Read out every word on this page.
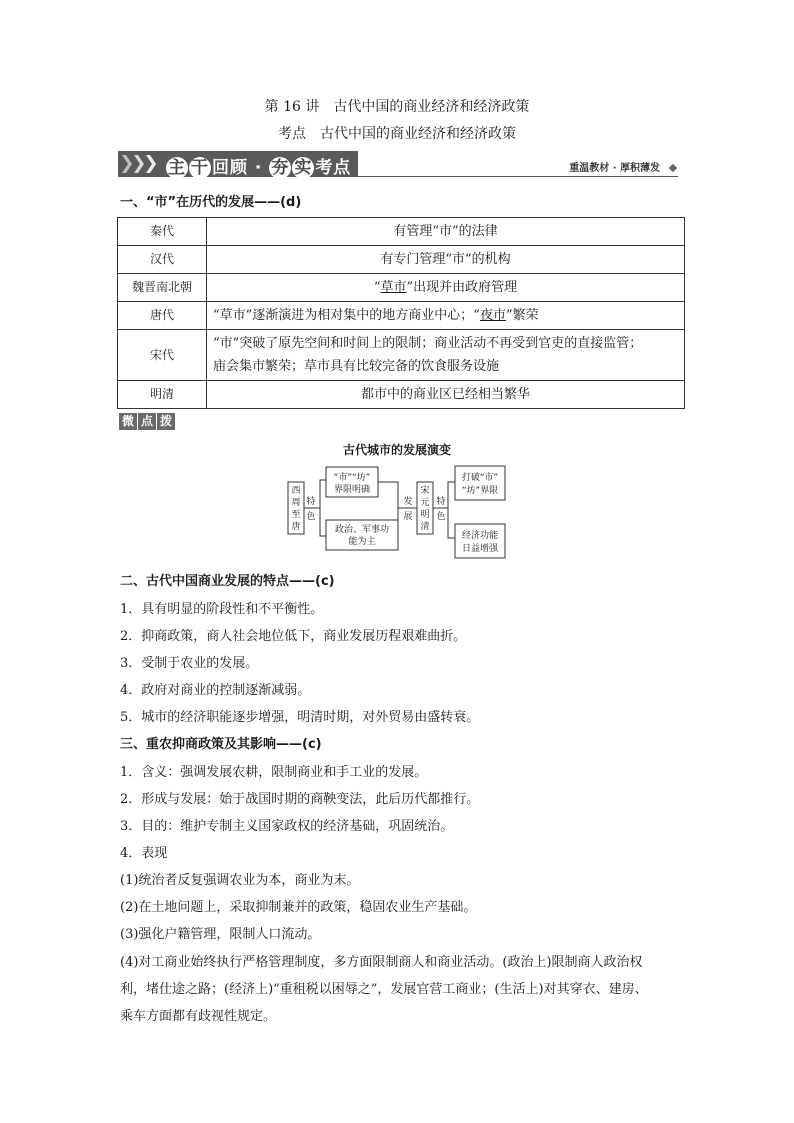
第 16 讲　古代中国的商业经济和经济政策
考点　古代中国的商业经济和经济政策
主 干 回顾 · 夯 实 考点	重温教材 · 厚积薄发
一、“市”在历代的发展——(d)
秦代	有管理“市”的法律
汉代	有专门管理“市”的机构
魏晋南北朝	“草市”出现并由政府管理
唐代	“草市”逐渐演进为相对集中的地方商业中心；“夜市”繁荣
宋代	“市”突破了原先空间和时间上的限制；商业活动不再受到官吏的直接监管；
庙会集市繁荣；草市具有比较完备的饮食服务设施

明清	都市中的商业区已经相当繁华
微 点 拨
古代城市的发展演变
西
周
至
唐
特
色
“市”“坊”
界限明确
政治、军事功
能为主
发
展
宋
元
明
清
特
色
打破“市”
“坊”界限
经济功能
日益增强
二、古代中国商业发展的特点——(c)
1．具有明显的阶段性和不平衡性。
2．抑商政策，商人社会地位低下，商业发展历程艰难曲折。
3．受制于农业的发展。
4．政府对商业的控制逐渐减弱。
5．城市的经济职能逐步增强，明清时期，对外贸易由盛转衰。
三、重农抑商政策及其影响——(c)
1．含义：强调发展农耕，限制商业和手工业的发展。
2．形成与发展：始于战国时期的商鞅变法，此后历代都推行。
3．目的：维护专制主义国家政权的经济基础，巩固统治。
4．表现
(1)统治者反复强调农业为本，商业为末。
(2)在土地问题上，采取抑制兼并的政策，稳固农业生产基础。
(3)强化户籍管理，限制人口流动。
(4)对工商业始终执行严格管理制度，多方面限制商人和商业活动。(政治上)限制商人政治权
利，堵仕途之路；(经济上)“重租税以困辱之”，发展官营工商业；(生活上)对其穿衣、建房、
乘车方面都有歧视性规定。
